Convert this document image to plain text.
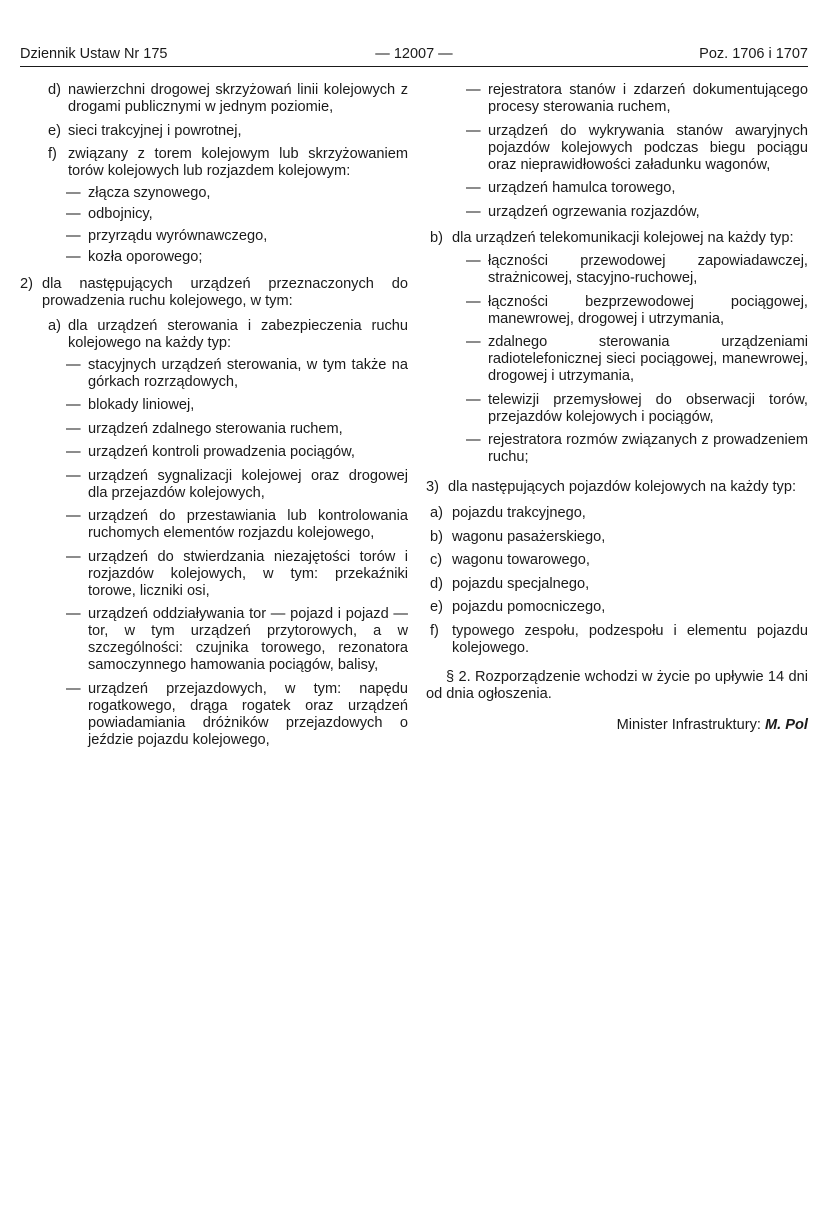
Dziennik Ustaw Nr 175	— 12007 —	Poz. 1706 i 1707
d) nawierzchni drogowej skrzyżowań linii kolejowych z drogami publicznymi w jednym poziomie,
e) sieci trakcyjnej i powrotnej,
f) związany z torem kolejowym lub skrzyżowaniem torów kolejowych lub rozjazdem kolejowym:
— złącza szynowego,
— odbojnicy,
— przyrządu wyrównawczego,
— kozła oporowego;
2) dla następujących urządzeń przeznaczonych do prowadzenia ruchu kolejowego, w tym:
a) dla urządzeń sterowania i zabezpieczenia ruchu kolejowego na każdy typ:
— stacyjnych urządzeń sterowania, w tym także na górkach rozrządowych,
— blokady liniowej,
— urządzeń zdalnego sterowania ruchem,
— urządzeń kontroli prowadzenia pociągów,
— urządzeń sygnalizacji kolejowej oraz drogowej dla przejazdów kolejowych,
— urządzeń do przestawiania lub kontrolowania ruchomych elementów rozjazdu kolejowego,
— urządzeń do stwierdzania niezajętości torów i rozjazdów kolejowych, w tym: przekaźniki torowe, liczniki osi,
— urządzeń oddziaływania tor — pojazd i pojazd — tor, w tym urządzeń przytorowych, a w szczególności: czujnika torowego, rezonatora samoczynnego hamowania pociągów, balisy,
— urządzeń przejazdowych, w tym: napędu rogatkowego, drąga rogatek oraz urządzeń powiadamiania dróżników przejazdowych o jeździe pojazdu kolejowego,
— rejestratora stanów i zdarzeń dokumentującego procesy sterowania ruchem,
— urządzeń do wykrywania stanów awaryjnych pojazdów kolejowych podczas biegu pociągu oraz nieprawidłowości załadunku wagonów,
— urządzeń hamulca torowego,
— urządzeń ogrzewania rozjazdów,
b) dla urządzeń telekomunikacji kolejowej na każdy typ:
— łączności przewodowej zapowiadawczej, strażnicowej, stacyjno-ruchowej,
— łączności bezprzewodowej pociągowej, manewrowej, drogowej i utrzymania,
— zdalnego sterowania urządzeniami radiotelefonicznej sieci pociągowej, manewrowej, drogowej i utrzymania,
— telewizji przemysłowej do obserwacji torów, przejazdów kolejowych i pociągów,
— rejestratora rozmów związanych z prowadzeniem ruchu;
3) dla następujących pojazdów kolejowych na każdy typ:
a) pojazdu trakcyjnego,
b) wagonu pasażerskiego,
c) wagonu towarowego,
d) pojazdu specjalnego,
e) pojazdu pomocniczego,
f) typowego zespołu, podzespołu i elementu pojazdu kolejowego.
§ 2. Rozporządzenie wchodzi w życie po upływie 14 dni od dnia ogłoszenia.
Minister Infrastruktury: M. Pol
